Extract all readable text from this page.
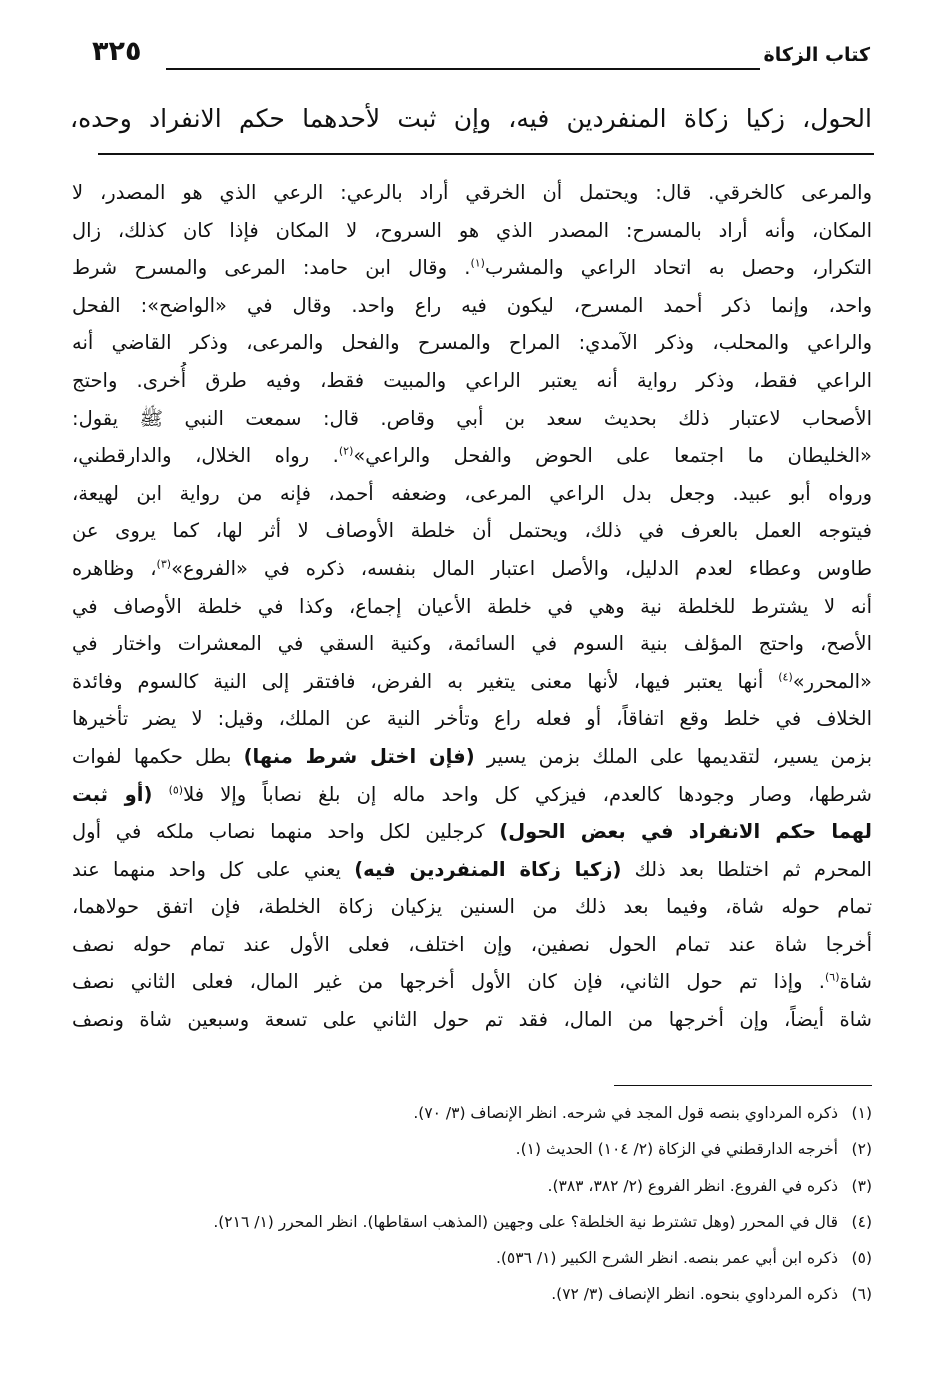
كتاب الزكاة
٣٢٥
الحول، زكيا زكاة المنفردين فيه، وإن ثبت لأحدهما حكم الانفراد وحده،
والمرعى كالخرقي. قال: ويحتمل أن الخرقي أراد بالرعي: الرعي الذي هو المصدر، لا
المكان، وأنه أراد بالمسرح: المصدر الذي هو السروح، لا المكان فإذا كان كذلك، زال
التكرار، وحصل به اتحاد الراعي والمشرب$^{(١)}$. وقال ابن حامد: المرعى والمسرح شرط
واحد، وإنما ذكر أحمد المسرح، ليكون فيه راع واحد. وقال في «الواضح»: الفحل
والراعي والمحلب، وذكر الآمدي: المراح والمسرح والفحل والمرعى، وذكر القاضي أنه
الراعي فقط، وذكر رواية أنه يعتبر الراعي والمبيت فقط، وفيه طرق أُخرى. واحتج
الأصحاب لاعتبار ذلك بحديث سعد بن أبي وقاص. قال: سمعت النبي ﷺ يقول:
«الخليطان ما اجتمعا على الحوض والفحل والراعي»$^{(٢)}$. رواه الخلال، والدارقطني،
ورواه أبو عبيد. وجعل بدل الراعي المرعى، وضعفه أحمد، فإنه من رواية ابن لهيعة،
فيتوجه العمل بالعرف في ذلك، ويحتمل أن خلطة الأوصاف لا أثر لها، كما يروى عن
طاوس وعطاء لعدم الدليل، والأصل اعتبار المال بنفسه، ذكره في «الفروع»$^{(٣)}$، وظاهره
أنه لا يشترط للخلطة نية وهي في خلطة الأعيان إجماع، وكذا في خلطة الأوصاف في
الأصح، واحتج المؤلف بنية السوم في السائمة، وكنية السقي في المعشرات واختار في
«المحرر»$^{(٤)}$ أنها يعتبر فيها، لأنها معنى يتغير به الفرض، فافتقر إلى النية كالسوم وفائدة
الخلاف في خلط وقع اتفاقاً، أو فعله راع وتأخر النية عن الملك، وقيل: لا يضر تأخيرها
بزمن يسير، لتقديمها على الملك بزمن يسير (فإن اختل شرط منها) بطل حكمها لفوات
شرطها، وصار وجودها كالعدم، فيزكي كل واحد ماله إن بلغ نصاباً وإلا فلا$^{(٥)}$ (أو ثبت
لهما حكم الانفراد في بعض الحول) كرجلين لكل واحد منهما نصاب ملكه في أول
المحرم ثم اختلطا بعد ذلك (زكيا زكاة المنفردين فيه) يعني على كل واحد منهما عند
تمام حوله شاة، وفيما بعد ذلك من السنين يزكيان زكاة الخلطة، فإن اتفق حولاهما،
أخرجا شاة عند تمام الحول نصفين، وإن اختلف، فعلى الأول عند تمام حوله نصف
شاة$^{(٦)}$. وإذا تم حول الثاني، فإن كان الأول أخرجها من غير المال، فعلى الثاني نصف
شاة أيضاً، وإن أخرجها من المال، فقد تم حول الثاني على تسعة وسبعين شاة ونصف
(١)ذكره المرداوي بنصه قول المجد في شرحه. انظر الإنصاف (٣/ ٧٠).
(٢)أخرجه الدارقطني في الزكاة (٢/ ١٠٤) الحديث (١).
(٣)ذكره في الفروع. انظر الفروع (٢/ ٣٨٢، ٣٨٣).
(٤)قال في المحرر (وهل تشترط نية الخلطة؟ على وجهين (المذهب اسقاطها). انظر المحرر (١/ ٢١٦).
(٥)ذكره ابن أبي عمر بنصه. انظر الشرح الكبير (١/ ٥٣٦).
(٦)ذكره المرداوي بنحوه. انظر الإنصاف (٣/ ٧٢).
